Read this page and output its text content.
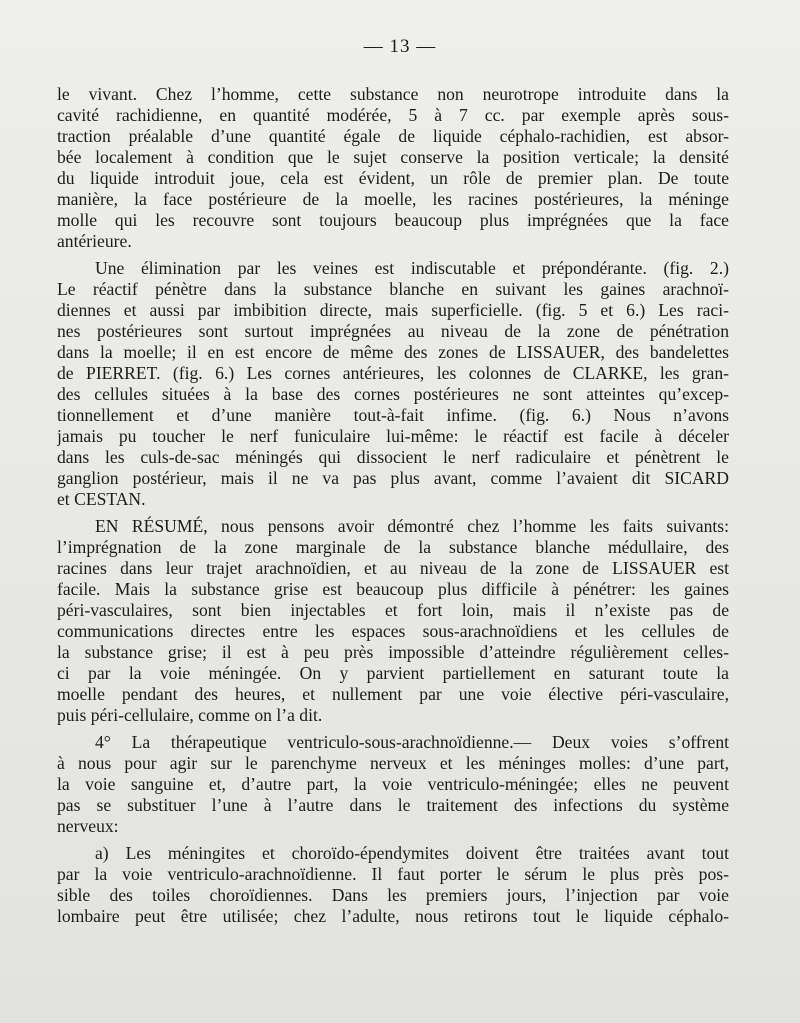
— 13 —
le vivant. Chez l’homme, cette substance non neurotrope introduite dans la
cavité rachidienne, en quantité modérée, 5 à 7 cc. par exemple après sous-
traction préalable d’une quantité égale de liquide céphalo-rachidien, est absor-
bée localement à condition que le sujet conserve la position verticale; la densité
du liquide introduit joue, cela est évident, un rôle de premier plan. De toute
manière, la face postérieure de la moelle, les racines postérieures, la méninge
molle qui les recouvre sont toujours beaucoup plus imprégnées que la face
antérieure.
Une élimination par les veines est indiscutable et prépondérante. (fig. 2.)
Le réactif pénètre dans la substance blanche en suivant les gaines arachnoï-
diennes et aussi par imbibition directe, mais superficielle. (fig. 5 et 6.) Les raci-
nes postérieures sont surtout imprégnées au niveau de la zone de pénétration
dans la moelle; il en est encore de même des zones de LISSAUER, des bandelettes
de PIERRET. (fig. 6.) Les cornes antérieures, les colonnes de CLARKE, les gran-
des cellules situées à la base des cornes postérieures ne sont atteintes qu’excep-
tionnellement et d’une manière tout-à-fait infime. (fig. 6.) Nous n’avons
jamais pu toucher le nerf funiculaire lui-même: le réactif est facile à déceler
dans les culs-de-sac méningés qui dissocient le nerf radiculaire et pénètrent le
ganglion postérieur, mais il ne va pas plus avant, comme l’avaient dit SICARD
et CESTAN.
EN RÉSUMÉ, nous pensons avoir démontré chez l’homme les faits suivants:
l’imprégnation de la zone marginale de la substance blanche médullaire, des
racines dans leur trajet arachnoïdien, et au niveau de la zone de LISSAUER est
facile. Mais la substance grise est beaucoup plus difficile à pénétrer: les gaines
péri-vasculaires, sont bien injectables et fort loin, mais il n’existe pas de
communications directes entre les espaces sous-arachnoïdiens et les cellules de
la substance grise; il est à peu près impossible d’atteindre régulièrement celles-
ci par la voie méningée. On y parvient partiellement en saturant toute la
moelle pendant des heures, et nullement par une voie élective péri-vasculaire,
puis péri-cellulaire, comme on l’a dit.
4° La thérapeutique ventriculo-sous-arachnoïdienne.— Deux voies s’offrent
à nous pour agir sur le parenchyme nerveux et les méninges molles: d’une part,
la voie sanguine et, d’autre part, la voie ventriculo-méningée; elles ne peuvent
pas se substituer l’une à l’autre dans le traitement des infections du système
nerveux:
a) Les méningites et choroïdo-épendymites doivent être traitées avant tout
par la voie ventriculo-arachnoïdienne. Il faut porter le sérum le plus près pos-
sible des toiles choroïdiennes. Dans les premiers jours, l’injection par voie
lombaire peut être utilisée; chez l’adulte, nous retirons tout le liquide céphalo-
